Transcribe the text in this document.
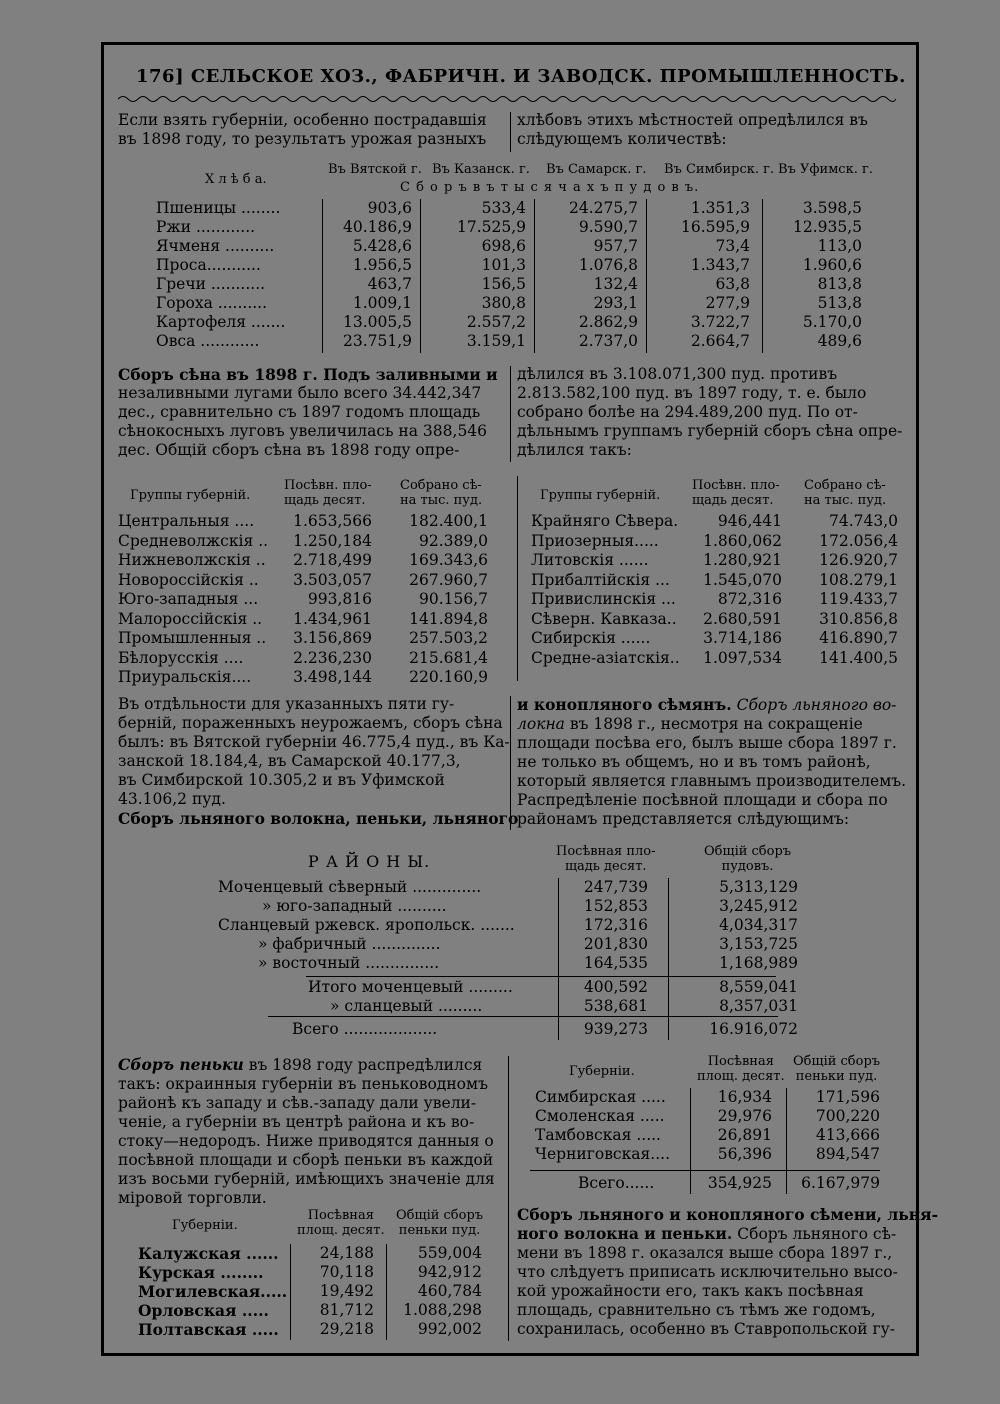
176] СЕЛЬСКОЕ ХОЗ., ФАБРИЧН. И ЗАВОДСК. ПРОМЫШЛЕННОСТЬ.
Если взять губерніи, особенно пострадавшія
въ 1898 году, то результатъ урожая разныхъ
хлѣбовъ этихъ мѣстностей опредѣлился въ
слѣдующемъ количествѣ:
Х л ѣ б а.
Въ Вятской г. Въ Казанск. г. Въ Самарск. г. Въ Симбирск. г. Въ Уфимск. г.
С б о р ъ в ъ т ы с я ч а х ъ п у д о в ъ.
Пшеницы ........	903,6	533,4	24.275,7	1.351,3	3.598,5
Ржи ............	40.186,9	17.525,9	9.590,7	16.595,9	12.935,5
Ячменя ..........	5.428,6	698,6	957,7	73,4	113,0
Проса...........	1.956,5	101,3	1.076,8	1.343,7	1.960,6
Гречи ...........	463,7	156,5	132,4	63,8	813,8
Гороха ..........	1.009,1	380,8	293,1	277,9	513,8
Картофеля .......	13.005,5	2.557,2	2.862,9	3.722,7	5.170,0
Овса ............	23.751,9	3.159,1	2.737,0	2.664,7	489,6
Сборъ сѣна въ 1898 г. Подъ заливными и
незаливными лугами было всего 34.442,347
дес., сравнительно съ 1897 годомъ площадь
сѣнокосныхъ луговъ увеличилась на 388,546
дес. Общій сборъ сѣна въ 1898 году опре-
дѣлился въ 3.108.071,300 пуд. противъ
2.813.582,100 пуд. въ 1897 году, т. е. было
собрано болѣе на 294.489,200 пуд. По от-
дѣльнымъ группамъ губерній сборъ сѣна опре-
дѣлился такъ:
Группы губерній.
Посѣвн. пло-
щадь десят.
Собрано сѣ-
на тыс. пуд.	Группы губерній.
Посѣвн. пло-
щадь десят.
Собрано сѣ-
на тыс. пуд.
Центральныя ....	1.653,566	182.400,1
Средневолжскія ..	1.250,184	92.389,0
Нижневолжскія ..	2.718,499	169.343,6
Новороссійскія ..	3.503,057	267.960,7
Юго-западныя ...	993,816	90.156,7
Малороссійскія ..	1.434,961	141.894,8
Промышленныя ..	3.156,869	257.503,2
Бѣлорусскія ....	2.236,230	215.681,4
Приуральскія....	3.498,144	220.160,9
Крайняго Сѣвера.	946,441	74.743,0
Приозерныя.....	1.860,062	172.056,4
Литовскія ......	1.280,921	126.920,7
Прибалтійскія ...	1.545,070	108.279,1
Привислинскія ...	872,316	119.433,7
Сѣверн. Кавказа..	2.680,591	310.856,8
Сибирскія ......	3.714,186	416.890,7
Средне-азіатскія..	1.097,534	141.400,5
Въ отдѣльности для указанныхъ пяти гу-
берній, пораженныхъ неурожаемъ, сборъ сѣна
былъ: въ Вятской губерніи 46.775,4 пуд., въ Ка-
занской 18.184,4, въ Самарской 40.177,3,
въ Симбирской 10.305,2 и въ Уфимской
43.106,2 пуд.
Сборъ льняного волокна, пеньки, льняного
и конопляного сѣмянъ. Сборъ льняного во-
локна въ 1898 г., несмотря на сокращеніе
площади посѣва его, былъ выше сбора 1897 г.
не только въ общемъ, но и въ томъ районѣ,
который является главнымъ производителемъ.
Распредѣленіе посѣвной площади и сбора по
районамъ представляется слѣдующимъ:
Р А Й О Н Ы.
Посѣвная пло-
щадь десят.
Общій сборъ
пудовъ.
Моченцевый сѣверный ..............	247,739	5,313,129
» юго-западный ..........	152,853	3,245,912
Сланцевый ржевск. яропольск. .......	172,316	4,034,317
» фабричный ..............	201,830	3,153,725
» восточный ...............	164,535	1,168,989
Итого моченцевый .........	400,592	8,559,041
» сланцевый .........	538,681	8,357,031
Всего ...................	939,273	16.916,072
Сборъ пеньки въ 1898 году распредѣлился
такъ: окраинныя губерніи въ пеньководномъ
районѣ къ западу и сѣв.-западу дали увели-
ченіе, а губерніи въ центрѣ района и къ во-
стоку—недородъ. Ниже приводятся данныя о
посѣвной площади и сборѣ пеньки въ каждой
изъ восьми губерній, имѣющихъ значеніе для
міровой торговли.
Губерніи.
Посѣвная
площ. десят.
Общій сборъ
пеньки пуд.
Симбирская .....	16,934	171,596
Смоленская .....	29,976	700,220
Тамбовская .....	26,891	413,666
Черниговская....	56,396	894,547
Всего......	354,925	6.167,979
Губерніи.
Посѣвная
площ. десят.
Общій сборъ
пеньки пуд.
Калужская ......	24,188	559,004
Курская ........	70,118	942,912
Могилевская.....	19,492	460,784
Орловская .....	81,712	1.088,298
Полтавская .....	29,218	992,002
Сборъ льняного и конопляного сѣмени, льня-
ного волокна и пеньки. Сборъ льняного сѣ-
мени въ 1898 г. оказался выше сбора 1897 г.,
что слѣдуетъ приписать исключительно высо-
кой урожайности его, такъ какъ посѣвная
площадь, сравнительно съ тѣмъ же годомъ,
сохранилась, особенно въ Ставропольской гу-
